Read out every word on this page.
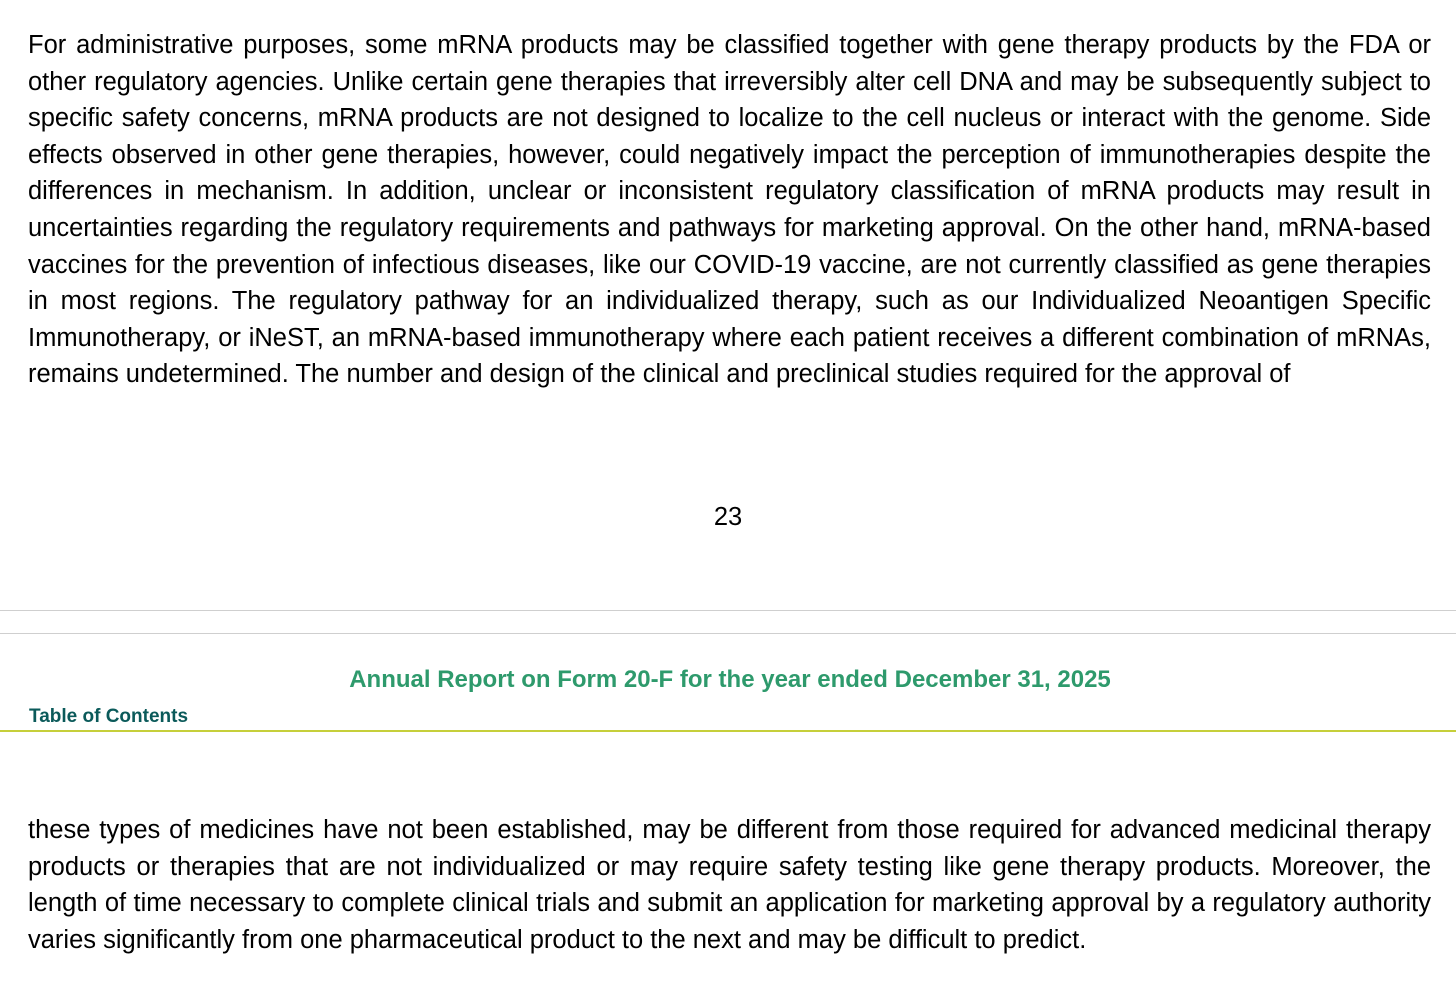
For administrative purposes, some mRNA products may be classified together with gene therapy products by the FDA or other regulatory agencies. Unlike certain gene therapies that irreversibly alter cell DNA and may be subsequently subject to specific safety concerns, mRNA products are not designed to localize to the cell nucleus or interact with the genome. Side effects observed in other gene therapies, however, could negatively impact the perception of immunotherapies despite the differences in mechanism. In addition, unclear or inconsistent regulatory classification of mRNA products may result in uncertainties regarding the regulatory requirements and pathways for marketing approval. On the other hand, mRNA-based vaccines for the prevention of infectious diseases, like our COVID-19 vaccine, are not currently classified as gene therapies in most regions. The regulatory pathway for an individualized therapy, such as our Individualized Neoantigen Specific Immunotherapy, or iNeST, an mRNA-based immunotherapy where each patient receives a different combination of mRNAs, remains undetermined. The number and design of the clinical and preclinical studies required for the approval of

23
Annual Report on Form 20-F for the year ended December 31, 2025
Table of Contents

these types of medicines have not been established, may be different from those required for advanced medicinal therapy products or therapies that are not individualized or may require safety testing like gene therapy products. Moreover, the length of time necessary to complete clinical trials and submit an application for marketing approval by a regulatory authority varies significantly from one pharmaceutical product to the next and may be difficult to predict.
